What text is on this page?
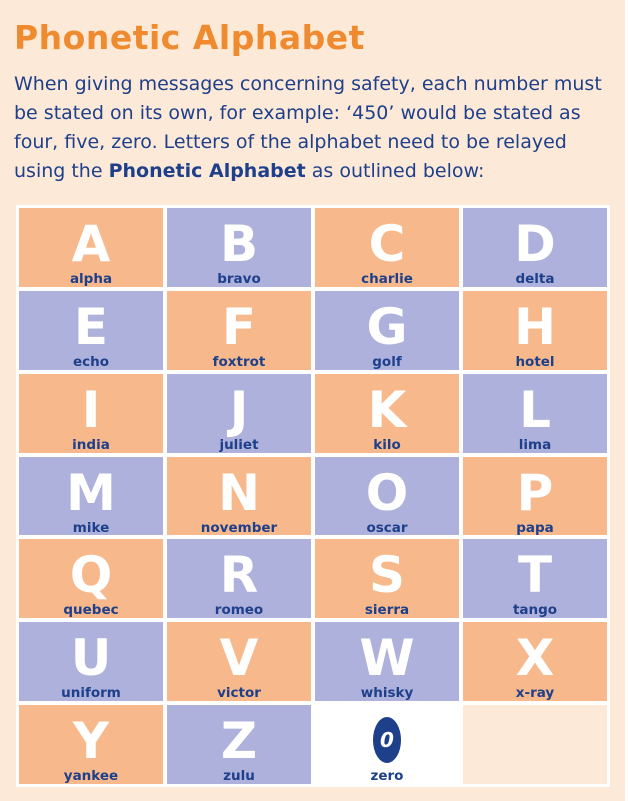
Phonetic Alphabet

When giving messages concerning safety, each number must be stated on its own, for example: ‘450’ would be stated as four, five, zero. Letters of the alphabet need to be relayed using the Phonetic Alphabet as outlined below:

A
alpha
B
bravo
C
charlie
D
delta
E
echo
F
foxtrot
G
golf
H
hotel
I
india
J
juliet
K
kilo
L
lima
M
mike
N
november
O
oscar
P
papa
Q
quebec
R
romeo
S
sierra
T
tango
U
uniform
V
victor
W
whisky
X
x-ray
Y
yankee
Z
zulu
0
zero
